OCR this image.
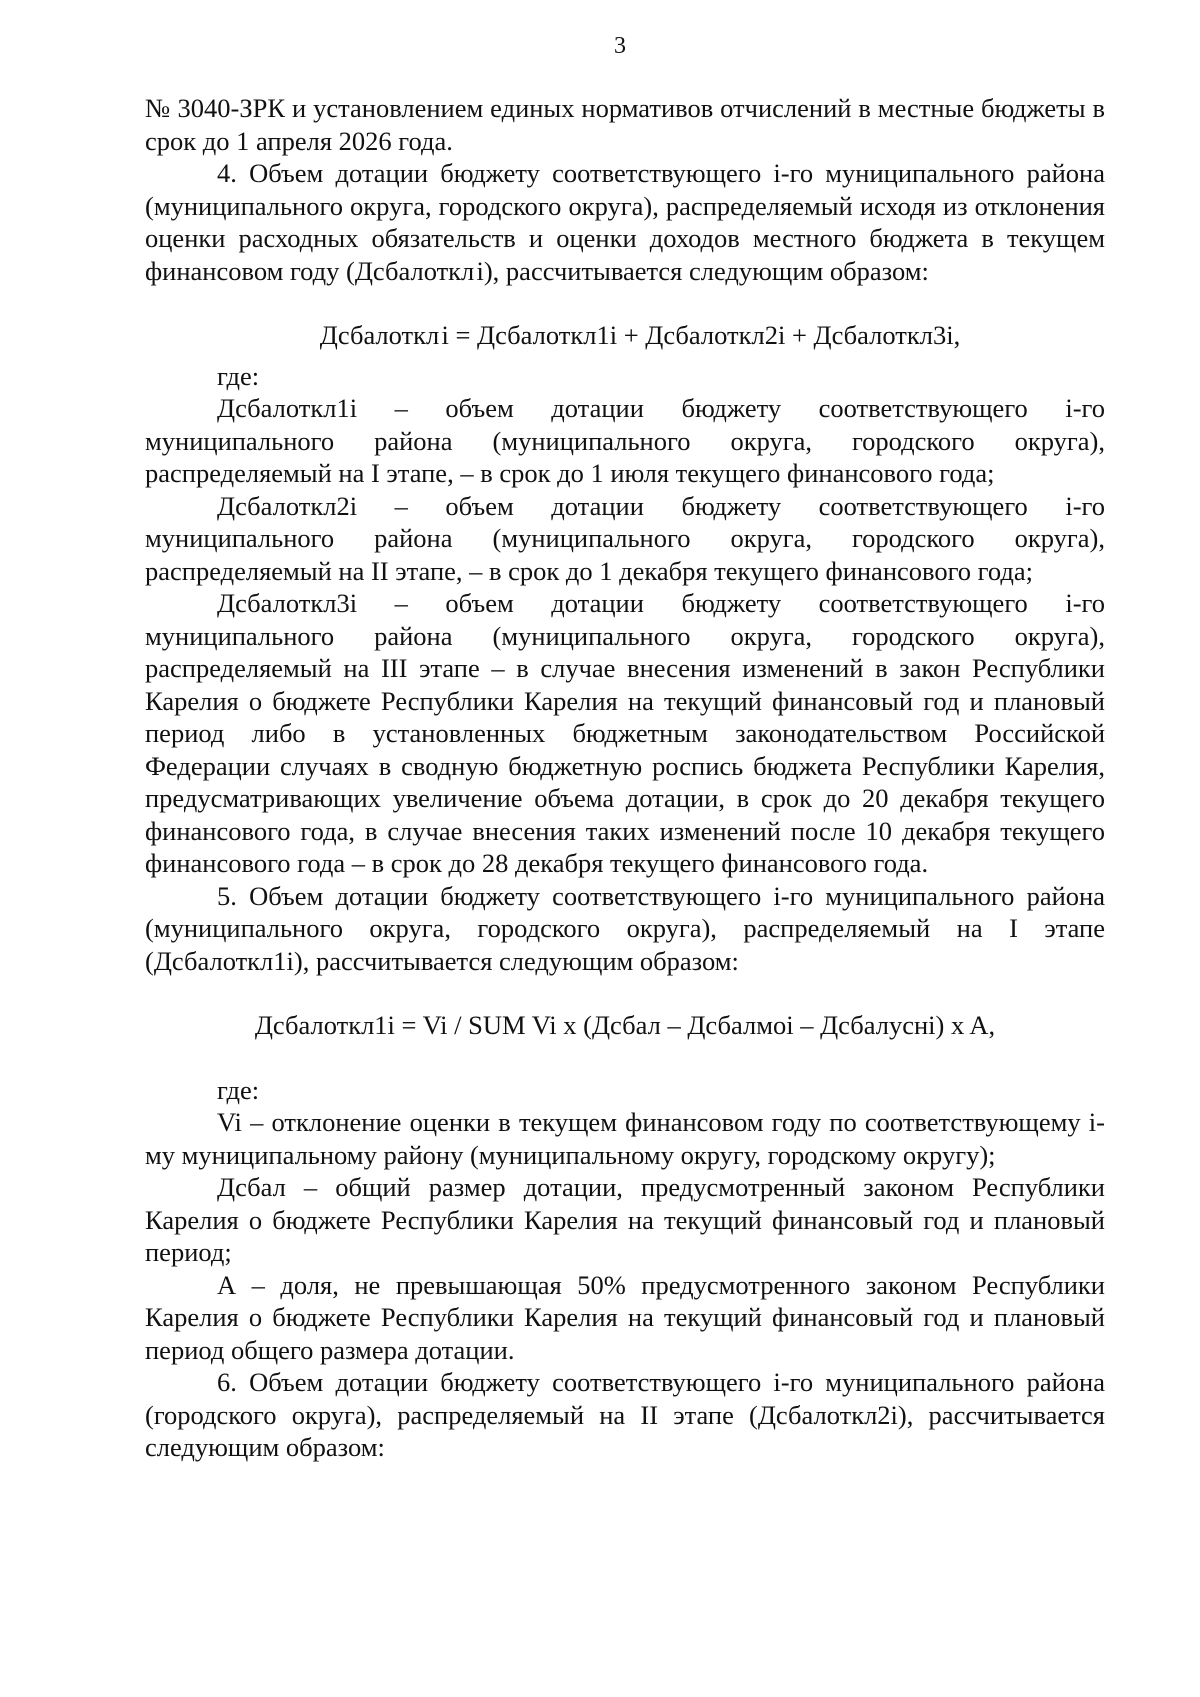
3

№ 3040-ЗРК и установлением единых нормативов отчислений в местные бюджеты в срок до 1 апреля 2026 года.

4. Объем дотации бюджету соответствующего i-го муниципального района (муниципального округа, городского округа), распределяемый исходя из отклонения оценки расходных обязательств и оценки доходов местного бюджета в текущем финансовом году (Дсбалоткл i), рассчитывается следующим образом:

Дсбалоткл i = Дсбалоткл1i + Дсбалоткл2i + Дсбалоткл3i,

где:

Дсбалоткл1i – объем дотации бюджету соответствующего i-го муниципального района (муниципального округа, городского округа), распределяемый на I этапе, – в срок до 1 июля текущего финансового года;

Дсбалоткл2i – объем дотации бюджету соответствующего i-го муниципального района (муниципального округа, городского округа), распределяемый на II этапе, – в срок до 1 декабря текущего финансового года;

Дсбалоткл3i – объем дотации бюджету соответствующего i-го муниципального района (муниципального округа, городского округа), распределяемый на III этапе – в случае внесения изменений в закон Республики Карелия о бюджете Республики Карелия на текущий финансовый год и плановый период либо в установленных бюджетным законодательством Российской Федерации случаях в сводную бюджетную роспись бюджета Республики Карелия, предусматривающих увеличение объема дотации, в срок до 20 декабря текущего финансового года, в случае внесения таких изменений после 10 декабря текущего финансового года – в срок до 28 декабря текущего финансового года.

5. Объем дотации бюджету соответствующего i-го муниципального района (муниципального округа, городского округа), распределяемый на I этапе (Дсбалоткл1i), рассчитывается следующим образом:

Дсбалоткл1i = Vi / SUM Vi x (Дсбал – Дсбалмоi – Дсбалуснi) x A,

где:

Vi – отклонение оценки в текущем финансовом году по соответствующему i-му муниципальному району (муниципальному округу, городскому округу);

Дсбал – общий размер дотации, предусмотренный законом Республики Карелия о бюджете Республики Карелия на текущий финансовый год и плановый период;

А – доля, не превышающая 50% предусмотренного законом Республики Карелия о бюджете Республики Карелия на текущий финансовый год и плановый период общего размера дотации.

6. Объем дотации бюджету соответствующего i-го муниципального района (городского округа), распределяемый на II этапе (Дсбалоткл2i), рассчитывается следующим образом:
